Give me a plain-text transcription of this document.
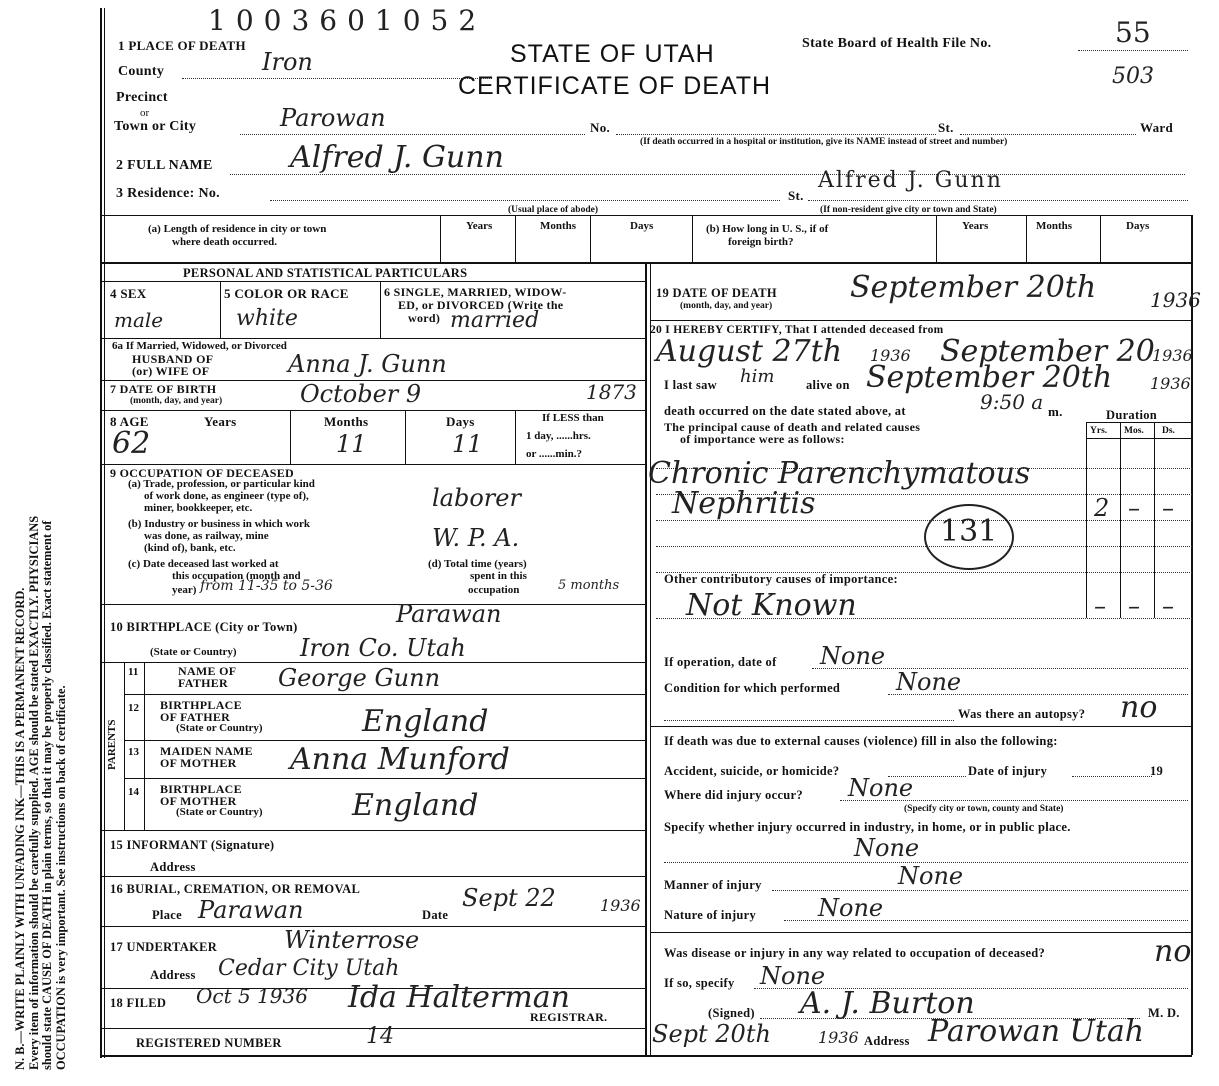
N. B.—WRITE PLAINLY WITH UNFADING INK—THIS IS A PERMANENT RECORD. Every item of information should be carefully supplied. AGE should be stated EXACTLY. PHYSICIANS should state CAUSE OF DEATH in plain terms, so that it may be properly classified. Exact statement of OCCUPATION is very important. See instructions on back of certificate.
1003601052
STATE OF UTAH
CERTIFICATE OF DEATH
State Board of Health File No.	55
503
1 PLACE OF DEATH
County	Iron
Precinct
or
Town or City	Parowan	No.	St.	Ward
(If death occurred in a hospital or institution, give its NAME instead of street and number)
2 FULL NAME	Alfred J. Gunn
3 Residence: No.	St.
Alfred J. Gunn
(Usual place of abode)	(If non-resident give city or town and State)
(a) Length of residence in city or town
where death occurred.
Years	Months	Days	(b) How long in U. S., if of
foreign birth?
Years	Months	Days
PERSONAL AND STATISTICAL PARTICULARS
4 SEX
male
5 COLOR OR RACE
white
6 SINGLE, MARRIED, WIDOW-
ED, or DIVORCED (Write the
word) married
6a If Married, Widowed, or Divorced
HUSBAND OF
(or) WIFE OF	Anna J. Gunn
7 DATE OF BIRTH
(month, day, and year)	October 9	1873
8 AGE	Years	Months	Days
62	11	11
If LESS than
1 day, ......hrs.
or ......min.?
9 OCCUPATION OF DECEASED
(a) Trade, profession, or particular kind
of work done, as engineer (type of),
miner, bookkeeper, etc.	laborer
(b) Industry or business in which work
was done, as railway, mine
(kind of), bank, etc.	W. P. A.
(c) Date deceased last worked at
this occupation (month and
year) from 11-35 to 5-36
(d) Total time (years)
spent in this
occupation	5 months
10 BIRTHPLACE (City or Town)	Parawan
(State or Country)	Iron Co. Utah
PARENTS
11	NAME OF
FATHER George Gunn
12 BIRTHPLACE
OF FATHER
(State or Country)	England
13 MAIDEN NAME
OF MOTHER Anna Munford
14 BIRTHPLACE
OF MOTHER
(State or Country)	England
15 INFORMANT (Signature)
Address
16 BURIAL, CREMATION, OR REMOVAL
Place Parawan	Date
Sept 22	1936
17 UNDERTAKER	Winterrose
Address Cedar City Utah
18 FILED Oct 5 1936 Ida Halterman
REGISTRAR.
REGISTERED NUMBER	14
19 DATE OF DEATH
(month, day, and year)
September 20th	1936
20 I HEREBY CERTIFY, That I attended deceased from
August 27th 1936 September 20
1936
I last saw him	alive on September 20th 1936
death occurred on the date stated above, at	9:50 a m.	Duration
The principal cause of death and related causes
of importance were as follows:
Yrs. Mos. Ds.
Chronic Parenchymatous
Nephritis
131
2 – –
Other contributory causes of importance:
Not Known	– – –
If operation, date of None
Condition for which performed None
Was there an autopsy? no
If death was due to external causes (violence) fill in also the following:
Accident, suicide, or homicide?	Date of injury	19
Where did injury occur? None
(Specify city or town, county and State)
Specify whether injury occurred in industry, in home, or in public place.
None
Manner of injury	None
Nature of injury	None
Was disease or injury in any way related to occupation of deceased?	no
If so, specify None
(Signed) A. J. Burton	M. D.
Sept 20th	1936 Address Parowan Utah
